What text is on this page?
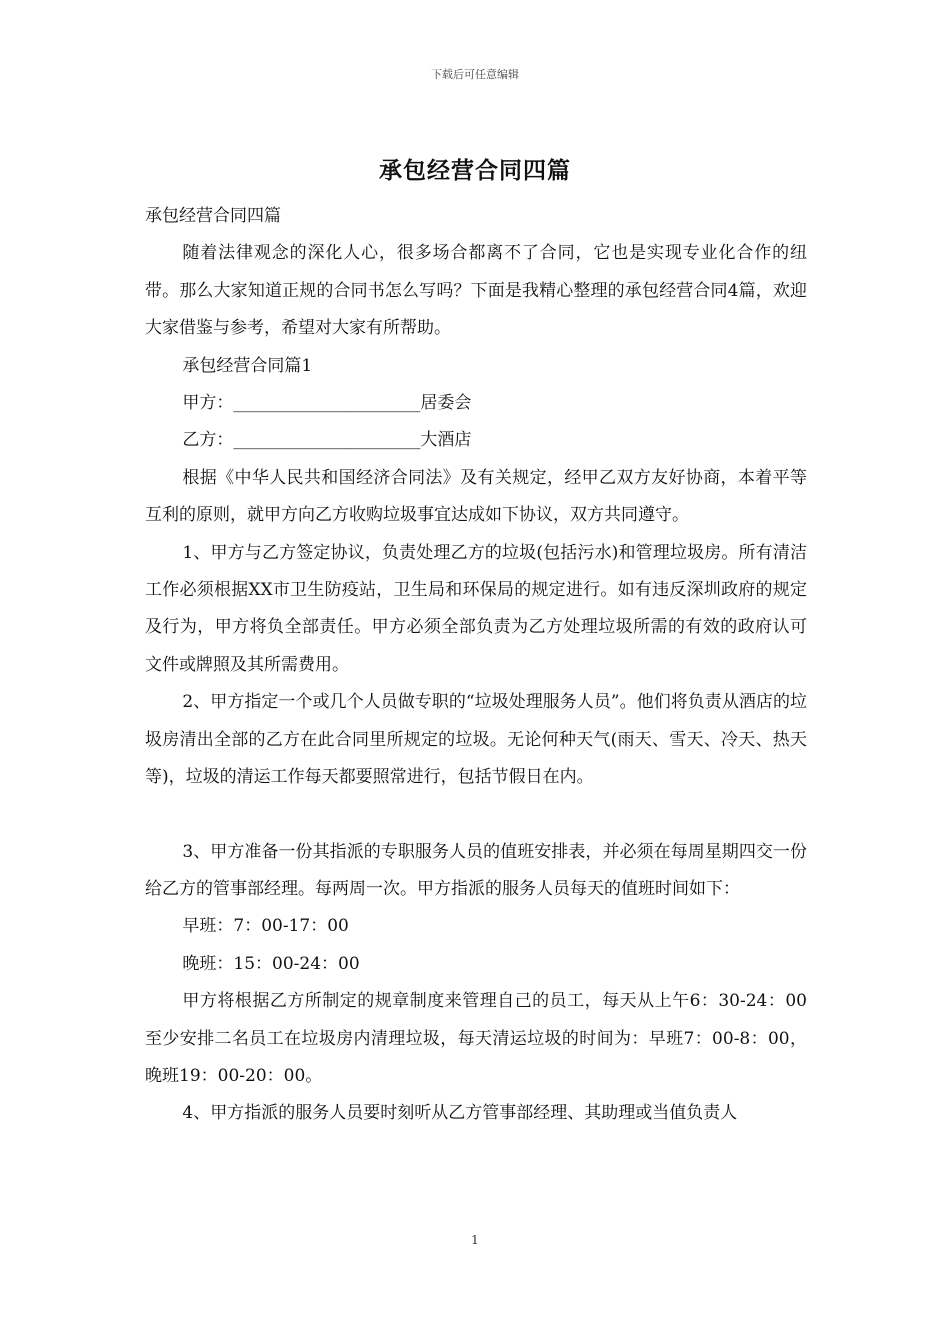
下载后可任意编辑
承包经营合同四篇

承包经营合同四篇

随着法律观念的深化人心，很多场合都离不了合同，它也是实现专业化合作的纽带。那么大家知道正规的合同书怎么写吗？下面是我精心整理的承包经营合同4篇，欢迎大家借鉴与参考，希望对大家有所帮助。

承包经营合同篇1

甲方：______________________居委会

乙方：______________________大酒店

根据《中华人民共和国经济合同法》及有关规定，经甲乙双方友好协商，本着平等互利的原则，就甲方向乙方收购垃圾事宜达成如下协议，双方共同遵守。

1、甲方与乙方签定协议，负责处理乙方的垃圾(包括污水)和管理垃圾房。所有清洁工作必须根据XX市卫生防疫站，卫生局和环保局的规定进行。如有违反深圳政府的规定及行为，甲方将负全部责任。甲方必须全部负责为乙方处理垃圾所需的有效的政府认可文件或牌照及其所需费用。

2、甲方指定一个或几个人员做专职的“垃圾处理服务人员”。他们将负责从酒店的垃圾房清出全部的乙方在此合同里所规定的垃圾。无论何种天气(雨天、雪天、冷天、热天等)，垃圾的清运工作每天都要照常进行，包括节假日在内。

3、甲方准备一份其指派的专职服务人员的值班安排表，并必须在每周星期四交一份给乙方的管事部经理。每两周一次。甲方指派的服务人员每天的值班时间如下：

早班：7：00-17：00

晚班：15：00-24：00

甲方将根据乙方所制定的规章制度来管理自己的员工，每天从上午6：30-24：00至少安排二名员工在垃圾房内清理垃圾，每天清运垃圾的时间为：早班7：00-8：00，晚班19：00-20：00。

4、甲方指派的服务人员要时刻听从乙方管事部经理、其助理或当值负责人

1
